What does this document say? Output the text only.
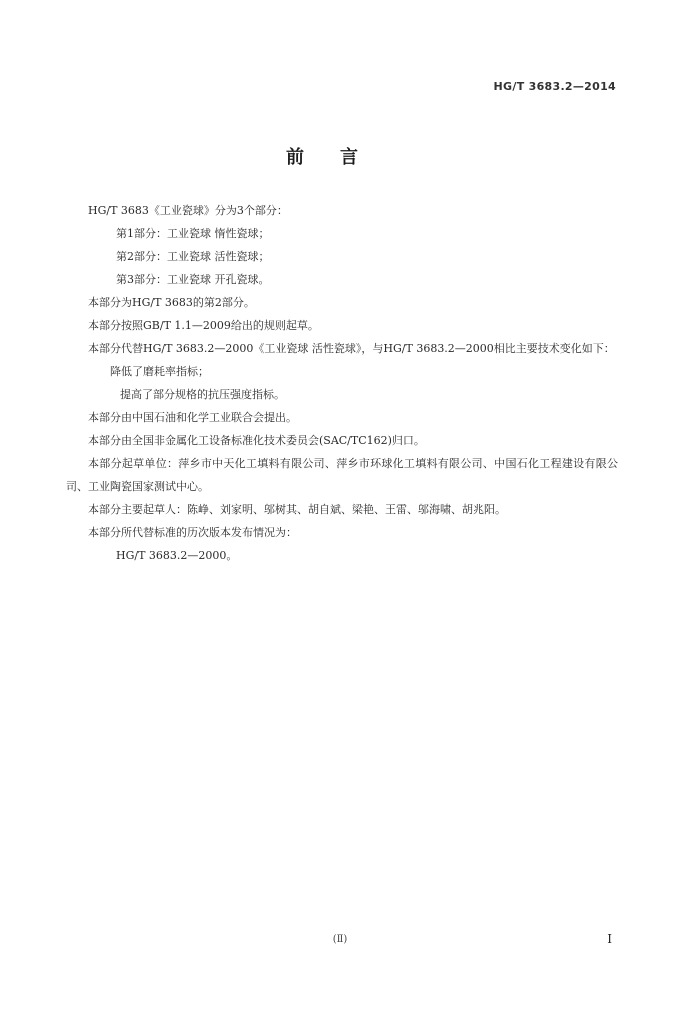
HG/T 3683.2—2014
前言

HG/T 3683《工业瓷球》分为3个部分：

第1部分：工业瓷球 惰性瓷球；

第2部分：工业瓷球 活性瓷球；

第3部分：工业瓷球 开孔瓷球。

本部分为HG/T 3683的第2部分。

本部分按照GB/T 1.1—2009给出的规则起草。

本部分代替HG/T 3683.2—2000《工业瓷球 活性瓷球》，与HG/T 3683.2—2000相比主要技术变化如下：

降低了磨耗率指标；

提高了部分规格的抗压强度指标。

本部分由中国石油和化学工业联合会提出。

本部分由全国非金属化工设备标准化技术委员会(SAC/TC162)归口。

本部分起草单位：萍乡市中天化工填料有限公司、萍乡市环球化工填料有限公司、中国石化工程建设有限公司、工业陶瓷国家测试中心。

本部分主要起草人：陈峥、刘家明、邬树其、胡自斌、梁艳、王雷、邬海啸、胡兆阳。

本部分所代替标准的历次版本发布情况为：

HG/T 3683.2—2000。

(Ⅱ)	I
